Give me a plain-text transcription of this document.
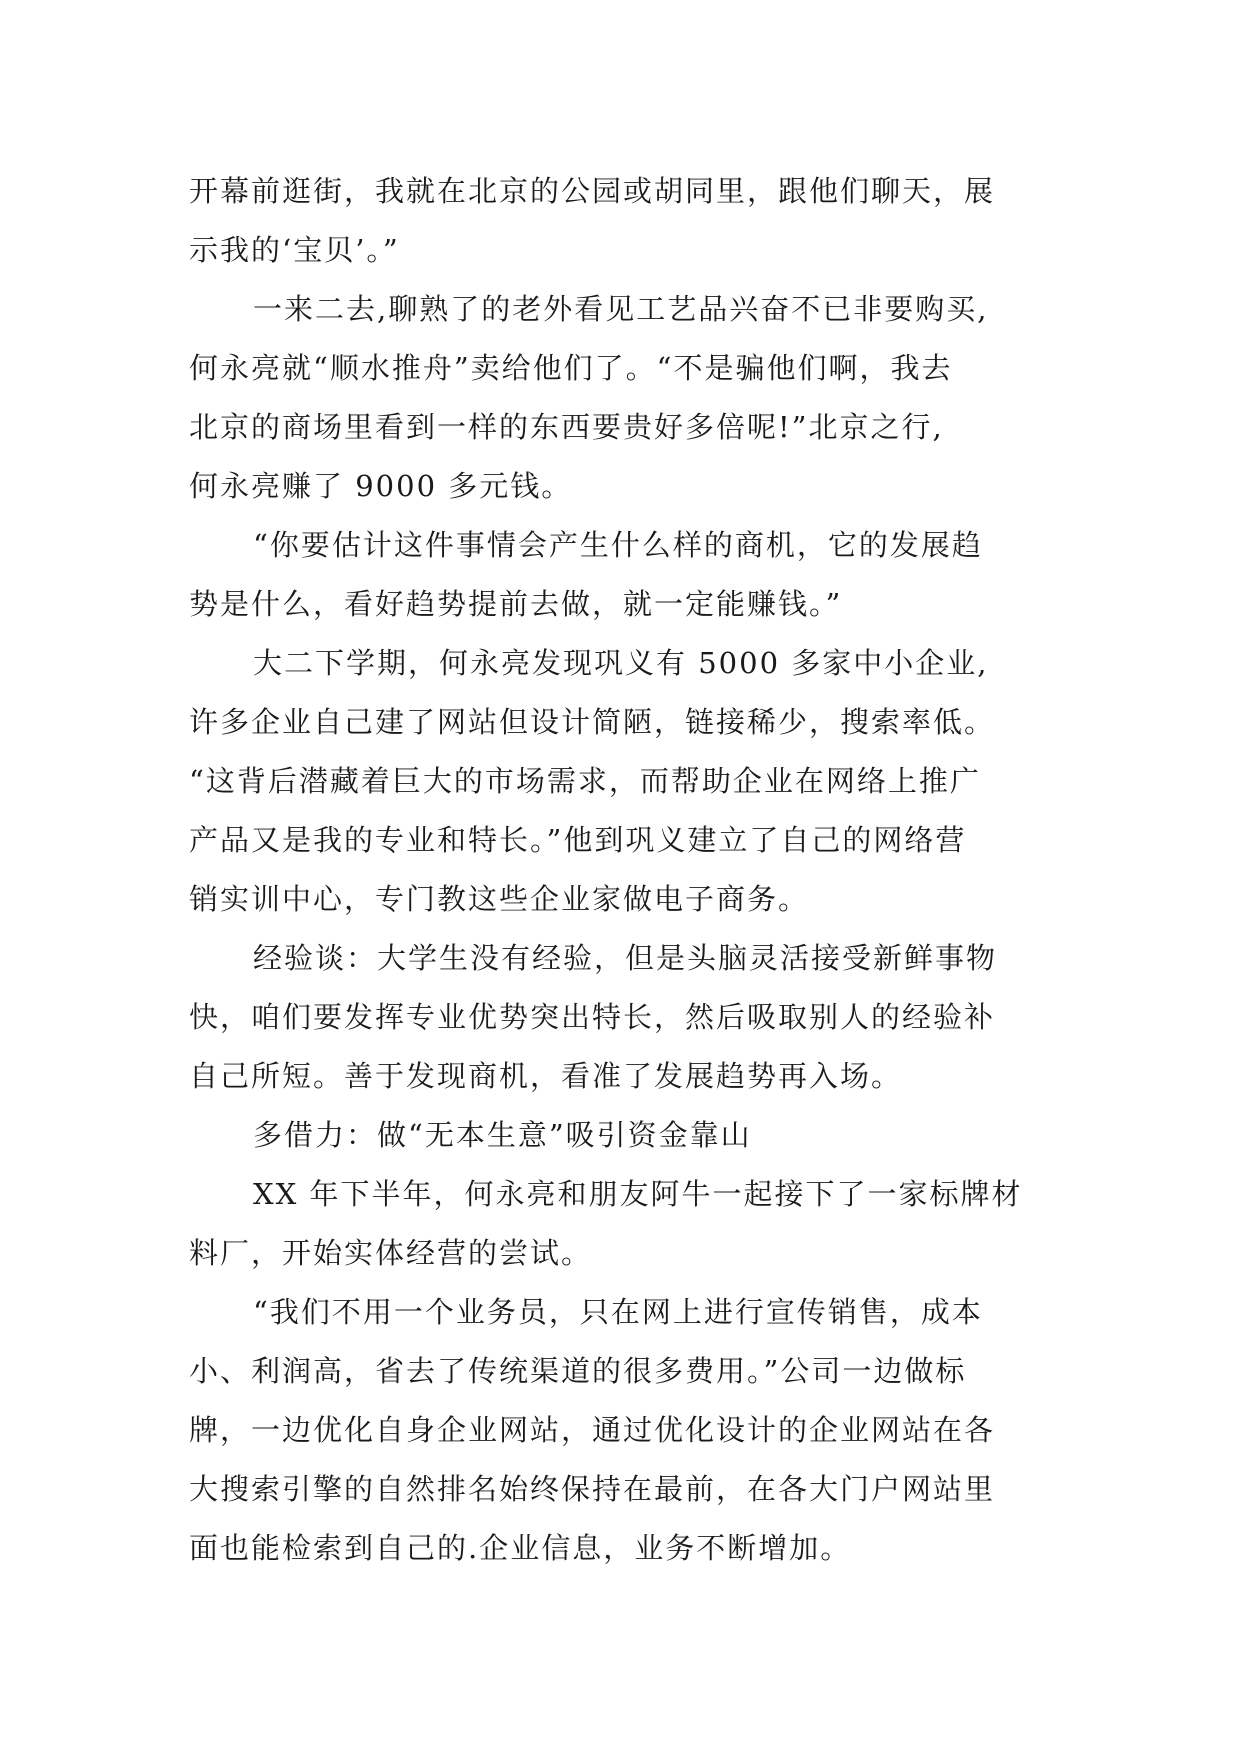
开幕前逛街，我就在北京的公园或胡同里，跟他们聊天，展
示我的‘宝贝’。”
一来二去,聊熟了的老外看见工艺品兴奋不已非要购买,
何永亮就“顺水推舟”卖给他们了。“不是骗他们啊，我去
北京的商场里看到一样的东西要贵好多倍呢!”北京之行,
何永亮赚了 9000 多元钱。
“你要估计这件事情会产生什么样的商机，它的发展趋
势是什么，看好趋势提前去做，就一定能赚钱。”
大二下学期，何永亮发现巩义有 5000 多家中小企业,
许多企业自己建了网站但设计简陋，链接稀少，搜索率低。
“这背后潜藏着巨大的市场需求，而帮助企业在网络上推广
产品又是我的专业和特长。”他到巩义建立了自己的网络营
销实训中心，专门教这些企业家做电子商务。
经验谈：大学生没有经验，但是头脑灵活接受新鲜事物
快，咱们要发挥专业优势突出特长，然后吸取别人的经验补
自己所短。善于发现商机，看准了发展趋势再入场。
多借力：做“无本生意”吸引资金靠山
XX 年下半年，何永亮和朋友阿牛一起接下了一家标牌材
料厂，开始实体经营的尝试。
“我们不用一个业务员，只在网上进行宣传销售，成本
小、利润高，省去了传统渠道的很多费用。”公司一边做标
牌，一边优化自身企业网站，通过优化设计的企业网站在各
大搜索引擎的自然排名始终保持在最前，在各大门户网站里
面也能检索到自己的.企业信息，业务不断增加。
